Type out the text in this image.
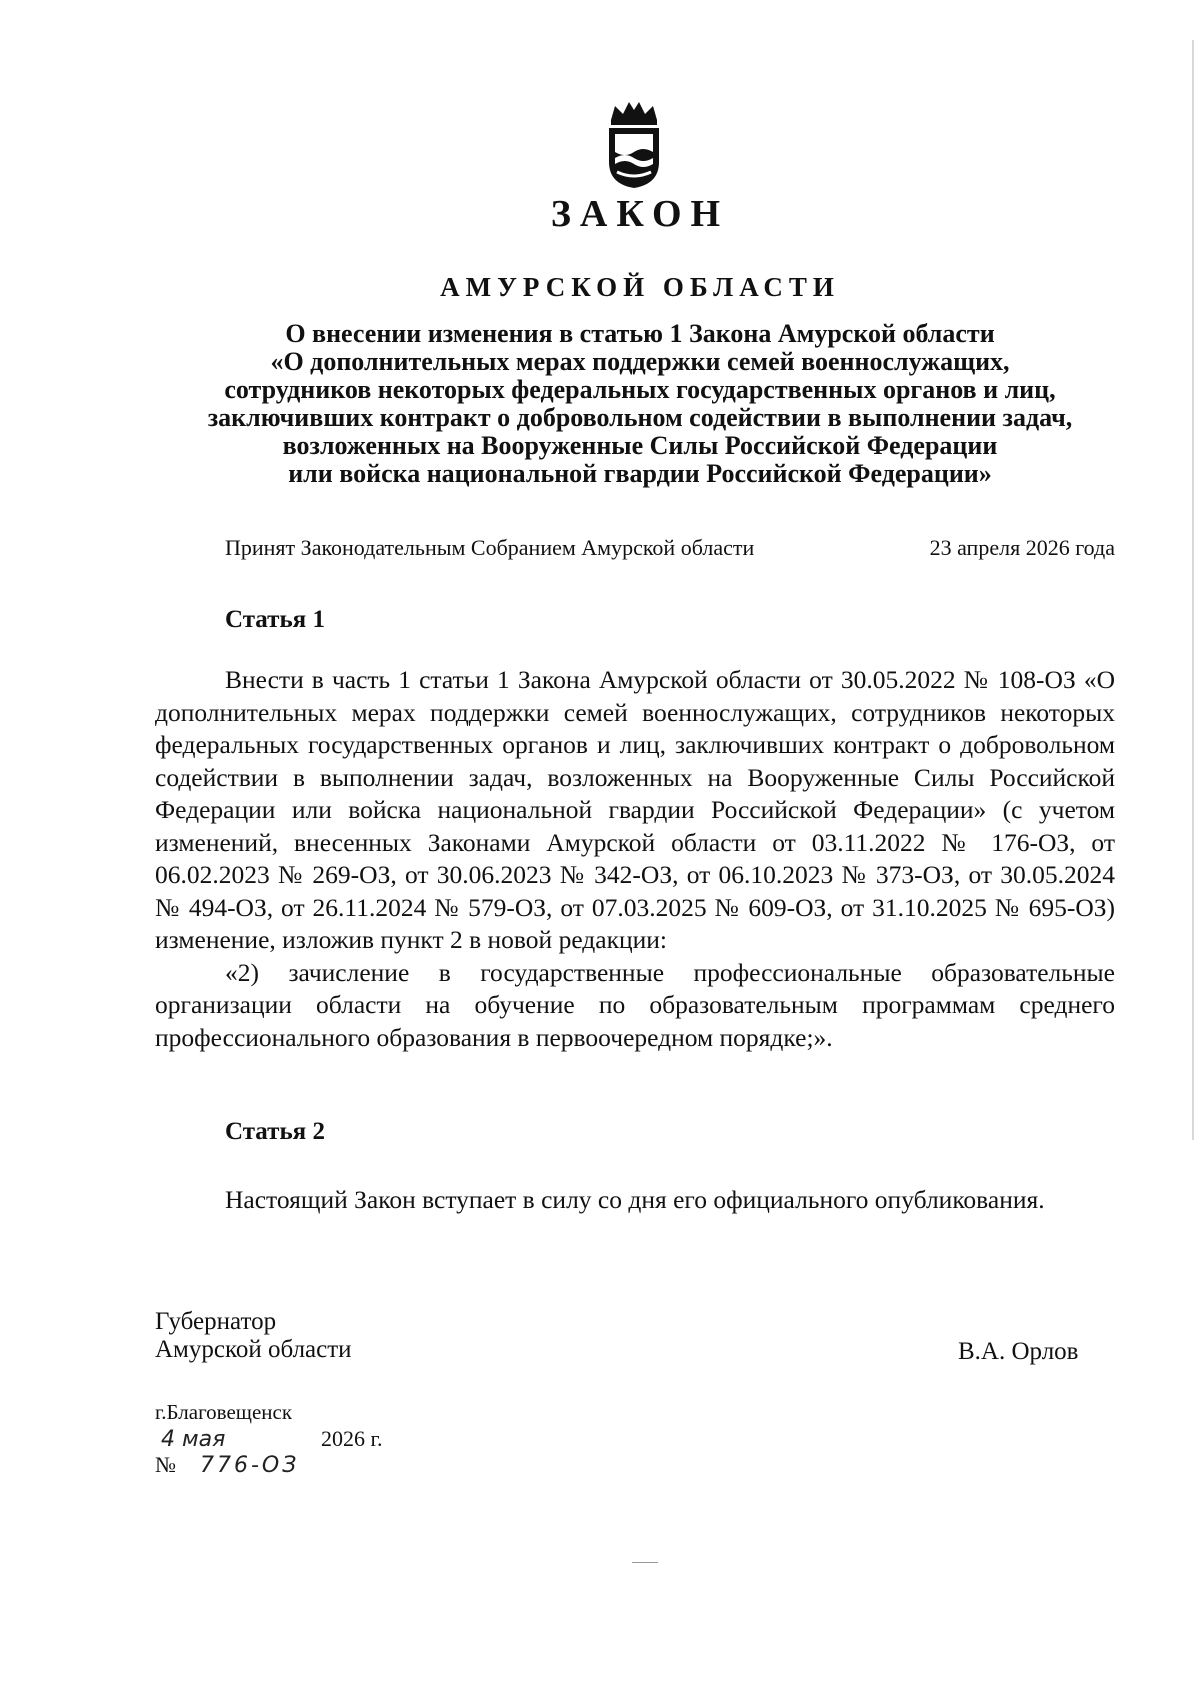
ЗАКОН
АМУРСКОЙ ОБЛАСТИ
О внесении изменения в статью 1 Закона Амурской области
«О дополнительных мерах поддержки семей военнослужащих,
сотрудников некоторых федеральных государственных органов и лиц,
заключивших контракт о добровольном содействии в выполнении задач,
возложенных на Вооруженные Силы Российской Федерации
или войска национальной гвардии Российской Федерации»
Принят Законодательным Собранием Амурской области	23 апреля 2026 года
Статья 1

Внести в часть 1 статьи 1 Закона Амурской области от 30.05.2022 № 108-ОЗ «О дополнительных мерах поддержки семей военнослужащих, сотрудников некоторых федеральных государственных органов и лиц, заключивших контракт о добровольном содействии в выполнении задач, возложенных на Вооруженные Силы Российской Федерации или войска национальной гвардии Российской Федерации» (с учетом изменений, внесенных Законами Амурской области от 03.11.2022 № 176-ОЗ, от 06.02.2023 № 269-ОЗ, от 30.06.2023 № 342-ОЗ, от 06.10.2023 № 373-ОЗ, от 30.05.2024 № 494-ОЗ, от 26.11.2024 № 579-ОЗ, от 07.03.2025 № 609-ОЗ, от 31.10.2025 № 695-ОЗ) изменение, изложив пункт 2 в новой редакции:

«2) зачисление в государственные профессиональные образовательные организации области на обучение по образовательным программам среднего профессионального образования в первоочередном порядке;».

Статья 2

Настоящий Закон вступает в силу со дня его официального опубликования.

Губернатор
Амурской области	В.А. Орлов
г.Благовещенск
4 мая	2026 г.
№ 776-ОЗ
